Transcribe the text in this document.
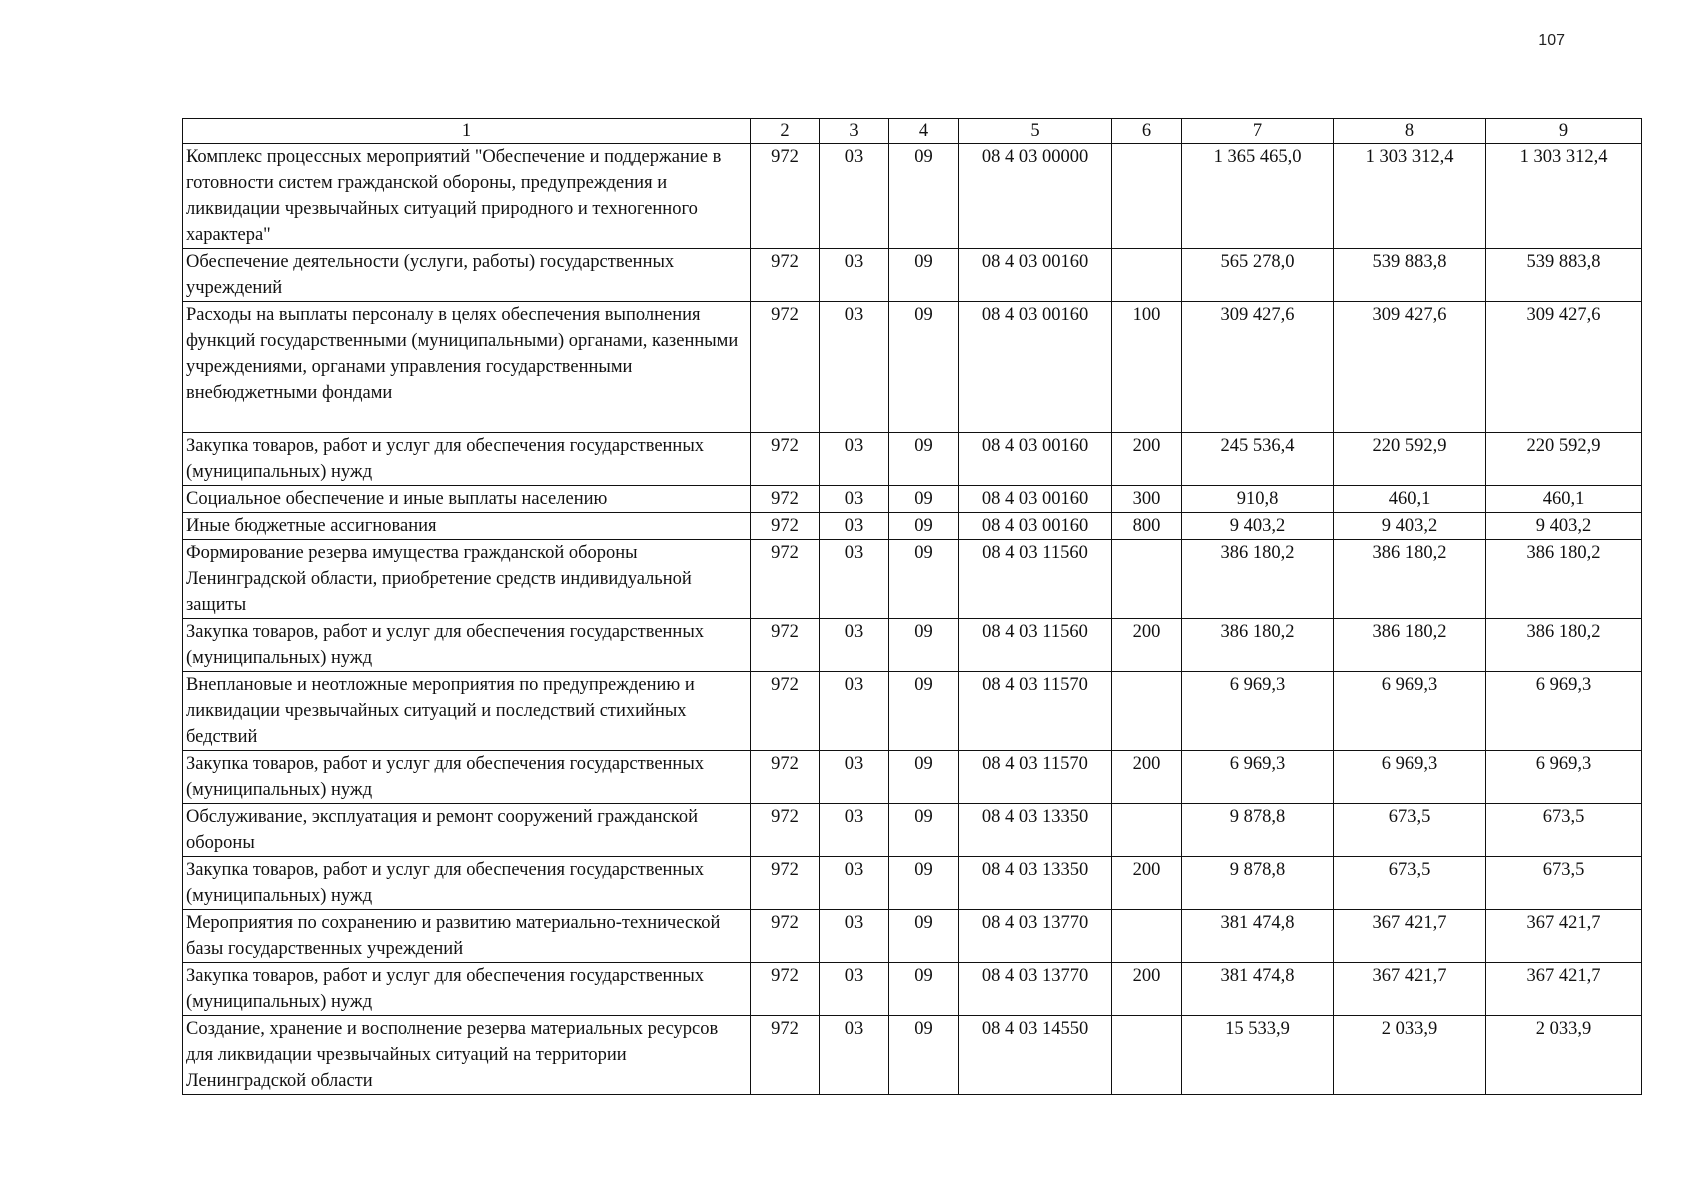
107
1	2	3	4	5	6	7	8	9
Комплекс процессных мероприятий "Обеспечение и поддержание в готовности систем гражданской обороны, предупреждения и ликвидации чрезвычайных ситуаций природного и техногенного характера"	972	03	09	08 4 03 00000		1 365 465,0	1 303 312,4	1 303 312,4
Обеспечение деятельности (услуги, работы) государственных учреждений	972	03	09	08 4 03 00160		565 278,0	539 883,8	539 883,8
Расходы на выплаты персоналу в целях обеспечения выполнения функций государственными (муниципальными) органами, казенными учреждениями, органами управления государственными внебюджетными фондами	972	03	09	08 4 03 00160	100	309 427,6	309 427,6	309 427,6
Закупка товаров, работ и услуг для обеспечения государственных (муниципальных) нужд	972	03	09	08 4 03 00160	200	245 536,4	220 592,9	220 592,9
Социальное обеспечение и иные выплаты населению	972	03	09	08 4 03 00160	300	910,8	460,1	460,1
Иные бюджетные ассигнования	972	03	09	08 4 03 00160	800	9 403,2	9 403,2	9 403,2
Формирование резерва имущества гражданской обороны Ленинградской области, приобретение средств индивидуальной защиты	972	03	09	08 4 03 11560		386 180,2	386 180,2	386 180,2
Закупка товаров, работ и услуг для обеспечения государственных (муниципальных) нужд	972	03	09	08 4 03 11560	200	386 180,2	386 180,2	386 180,2
Внеплановые и неотложные мероприятия по предупреждению и ликвидации чрезвычайных ситуаций и последствий стихийных бедствий	972	03	09	08 4 03 11570		6 969,3	6 969,3	6 969,3
Закупка товаров, работ и услуг для обеспечения государственных (муниципальных) нужд	972	03	09	08 4 03 11570	200	6 969,3	6 969,3	6 969,3
Обслуживание, эксплуатация и ремонт сооружений гражданской обороны	972	03	09	08 4 03 13350		9 878,8	673,5	673,5
Закупка товаров, работ и услуг для обеспечения государственных (муниципальных) нужд	972	03	09	08 4 03 13350	200	9 878,8	673,5	673,5
Мероприятия по сохранению и развитию материально-технической базы государственных учреждений	972	03	09	08 4 03 13770		381 474,8	367 421,7	367 421,7
Закупка товаров, работ и услуг для обеспечения государственных (муниципальных) нужд	972	03	09	08 4 03 13770	200	381 474,8	367 421,7	367 421,7
Создание, хранение и восполнение резерва материальных ресурсов для ликвидации чрезвычайных ситуаций на территории Ленинградской области	972	03	09	08 4 03 14550		15 533,9	2 033,9	2 033,9
